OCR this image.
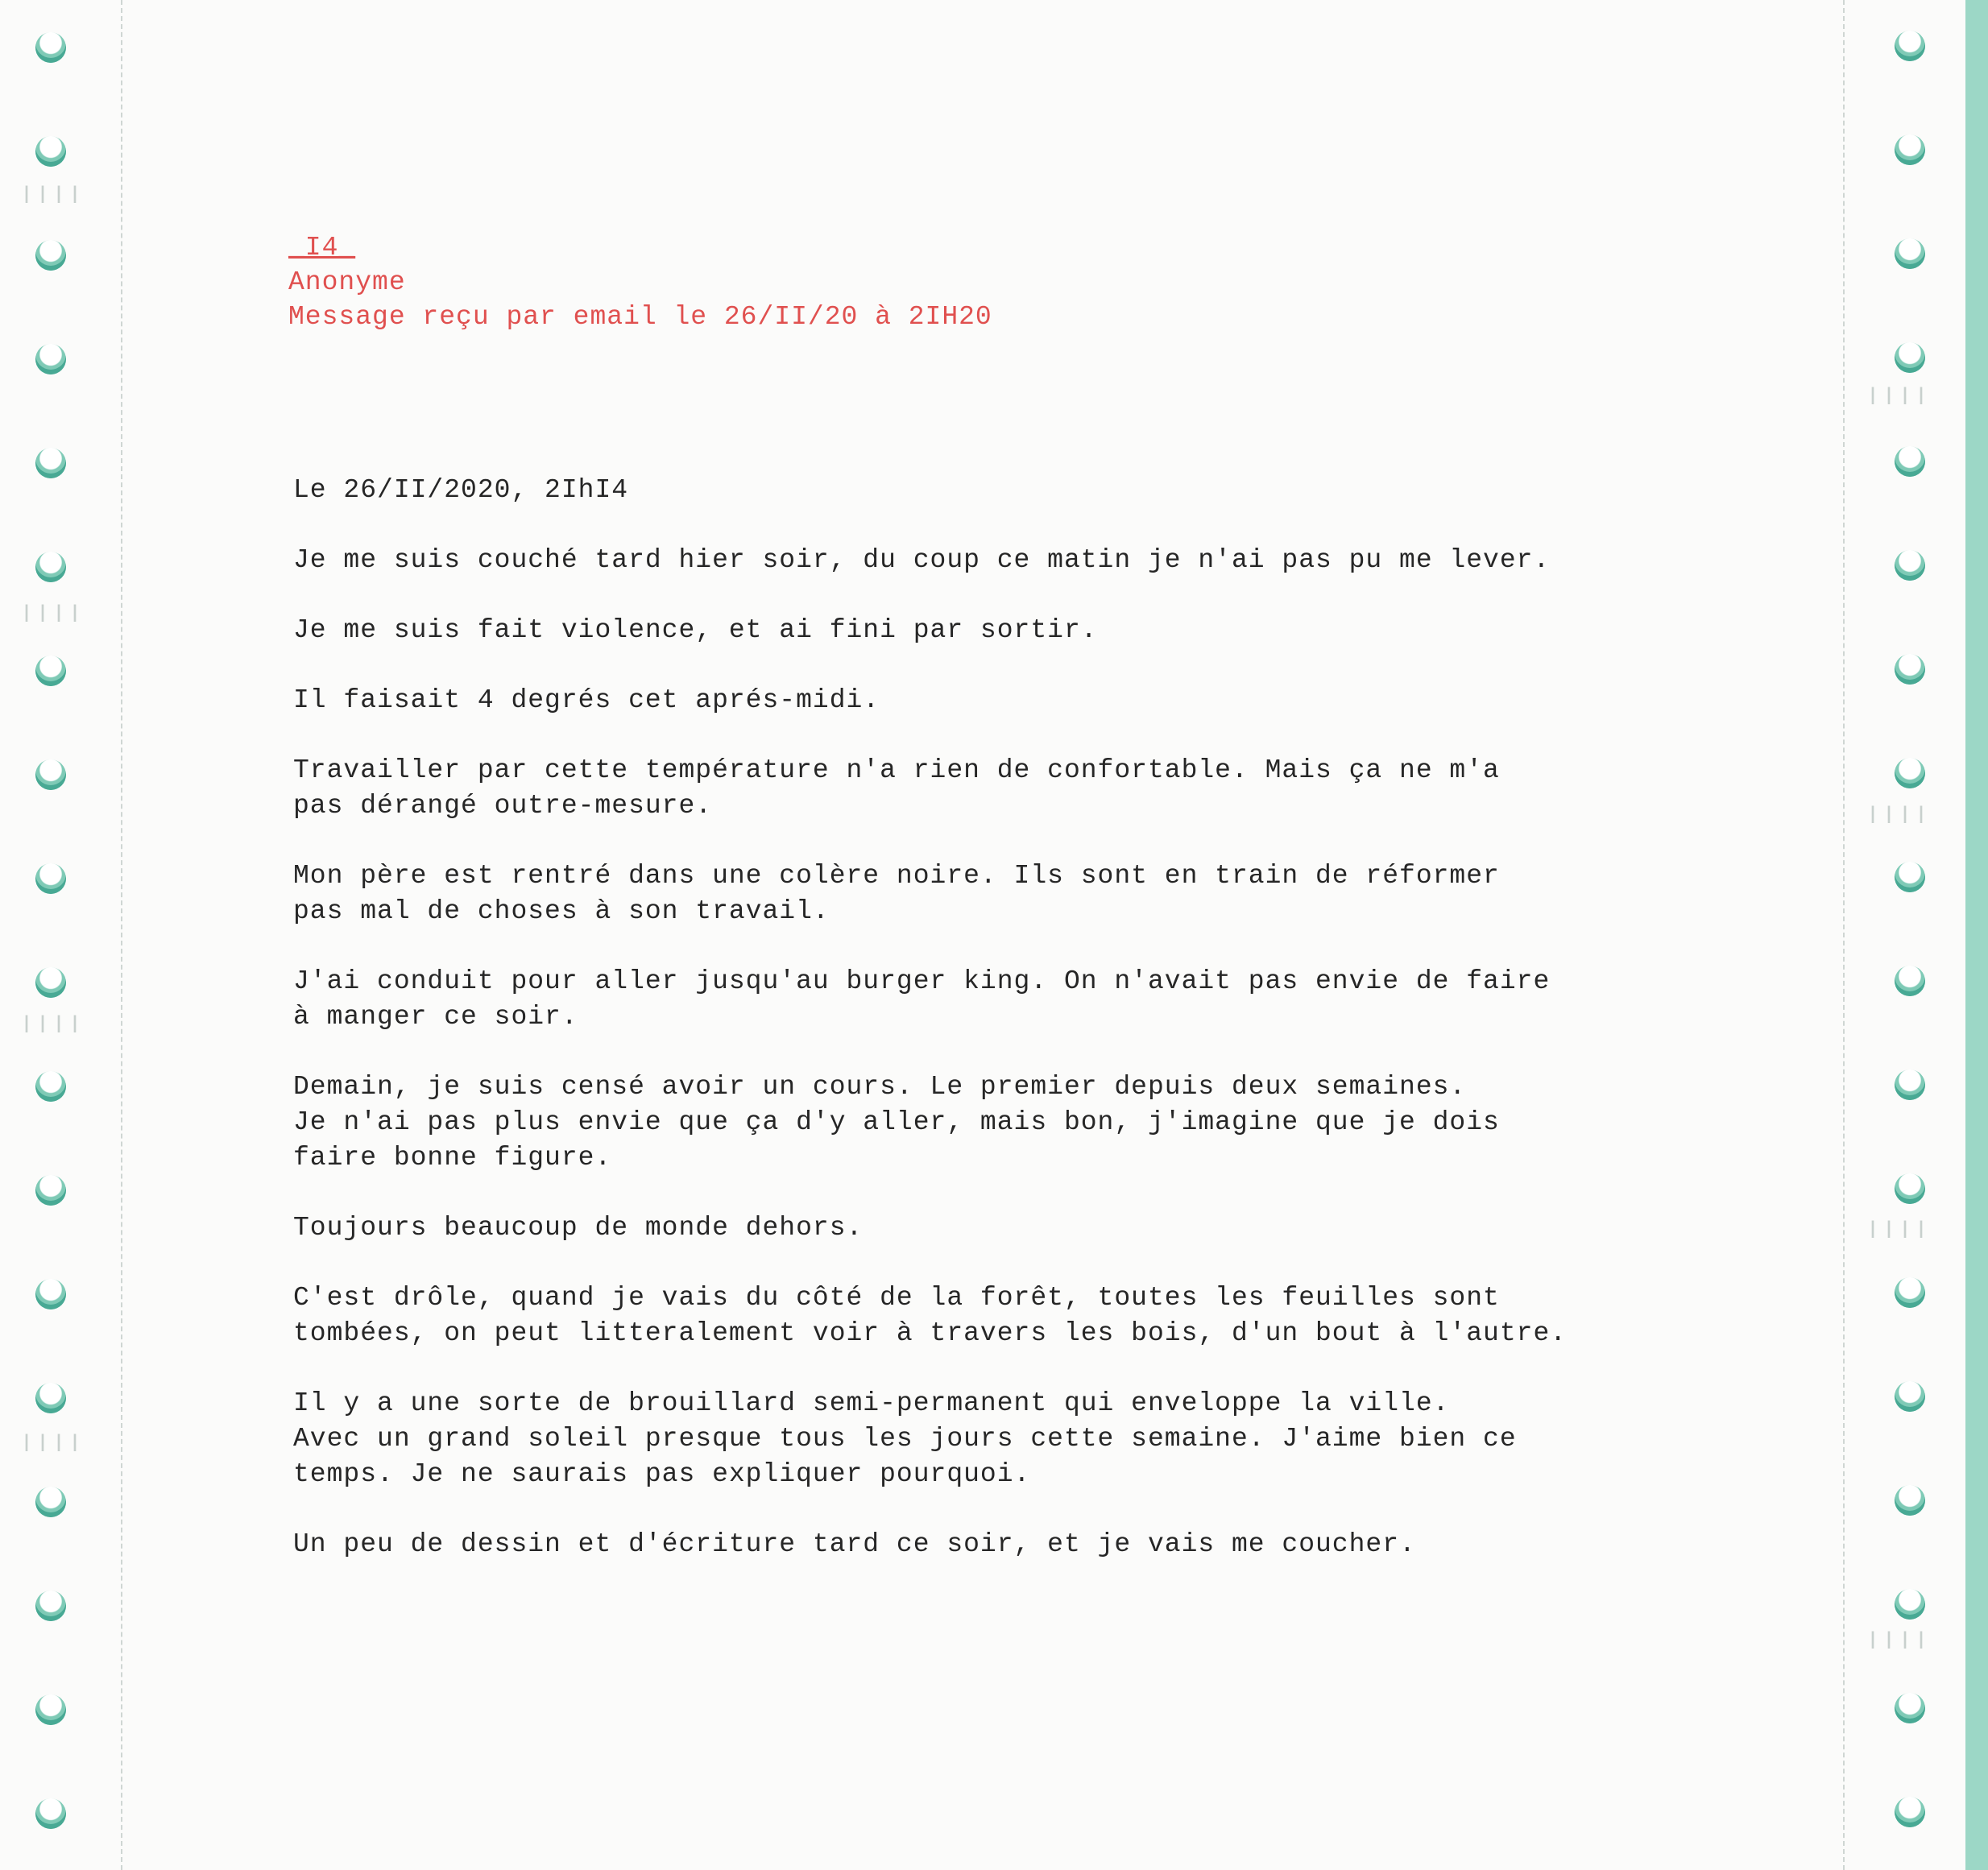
ǀǀǀǀ
ǀǀǀǀ
ǀǀǀǀ
ǀǀǀǀ
ǀǀǀǀ
ǀǀǀǀ
ǀǀǀǀ
ǀǀǀǀ
_I4_
Anonyme
Message reçu par email le 26/II/20 à 2IH20

Le 26/II/2020, 2IhI4

Je me suis couché tard hier soir, du coup ce matin je n'ai pas pu me lever.

Je me suis fait violence, et ai fini par sortir.

Il faisait 4 degrés cet aprés-midi.

Travailler par cette température n'a rien de confortable. Mais ça ne m'a
pas dérangé outre-mesure.

Mon père est rentré dans une colère noire. Ils sont en train de réformer
pas mal de choses à son travail.

J'ai conduit pour aller jusqu'au burger king. On n'avait pas envie de faire
à manger ce soir.

Demain, je suis censé avoir un cours. Le premier depuis deux semaines.
Je n'ai pas plus envie que ça d'y aller, mais bon, j'imagine que je dois
faire bonne figure.

Toujours beaucoup de monde dehors.

C'est drôle, quand je vais du côté de la forêt, toutes les feuilles sont
tombées, on peut litteralement voir à travers les bois, d'un bout à l'autre.

Il y a une sorte de brouillard semi-permanent qui enveloppe la ville.
Avec un grand soleil presque tous les jours cette semaine. J'aime bien ce
temps. Je ne saurais pas expliquer pourquoi.

Un peu de dessin et d'écriture tard ce soir, et je vais me coucher.
